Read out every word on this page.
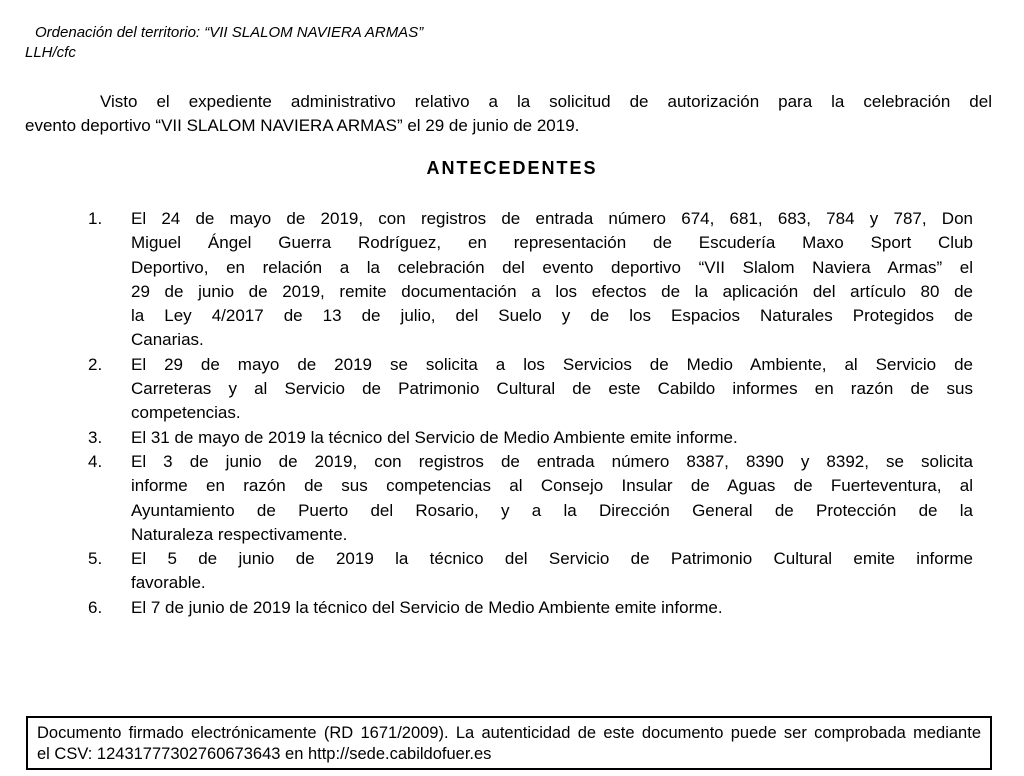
Ordenación del territorio: “VII SLALOM NAVIERA ARMAS”
LLH/cfc
Visto el expediente administrativo relativo a la solicitud de autorización para la celebración del
evento deportivo “VII SLALOM NAVIERA ARMAS” el 29 de junio de 2019.
ANTECEDENTES
1. El 24 de mayo de 2019, con registros de entrada número 674, 681, 683, 784 y 787, Don
Miguel Ángel Guerra Rodríguez, en representación de Escudería Maxo Sport Club
Deportivo, en relación a la celebración del evento deportivo “VII Slalom Naviera Armas” el
29 de junio de 2019, remite documentación a los efectos de la aplicación del artículo 80 de
la Ley 4/2017 de 13 de julio, del Suelo y de los Espacios Naturales Protegidos de
Canarias.
2. El 29 de mayo de 2019 se solicita a los Servicios de Medio Ambiente, al Servicio de
Carreteras y al Servicio de Patrimonio Cultural de este Cabildo informes en razón de sus
competencias.
3. El 31 de mayo de 2019 la técnico del Servicio de Medio Ambiente emite informe.
4. El 3 de junio de 2019, con registros de entrada número 8387, 8390 y 8392, se solicita
informe en razón de sus competencias al Consejo Insular de Aguas de Fuerteventura, al
Ayuntamiento de Puerto del Rosario, y a la Dirección General de Protección de la
Naturaleza respectivamente.
5. El 5 de junio de 2019 la técnico del Servicio de Patrimonio Cultural emite informe
favorable.
6. El 7 de junio de 2019 la técnico del Servicio de Medio Ambiente emite informe.
Documento firmado electrónicamente (RD 1671/2009). La autenticidad de este documento puede ser comprobada mediante
el CSV: 12431777302760673643 en http://sede.cabildofuer.es
